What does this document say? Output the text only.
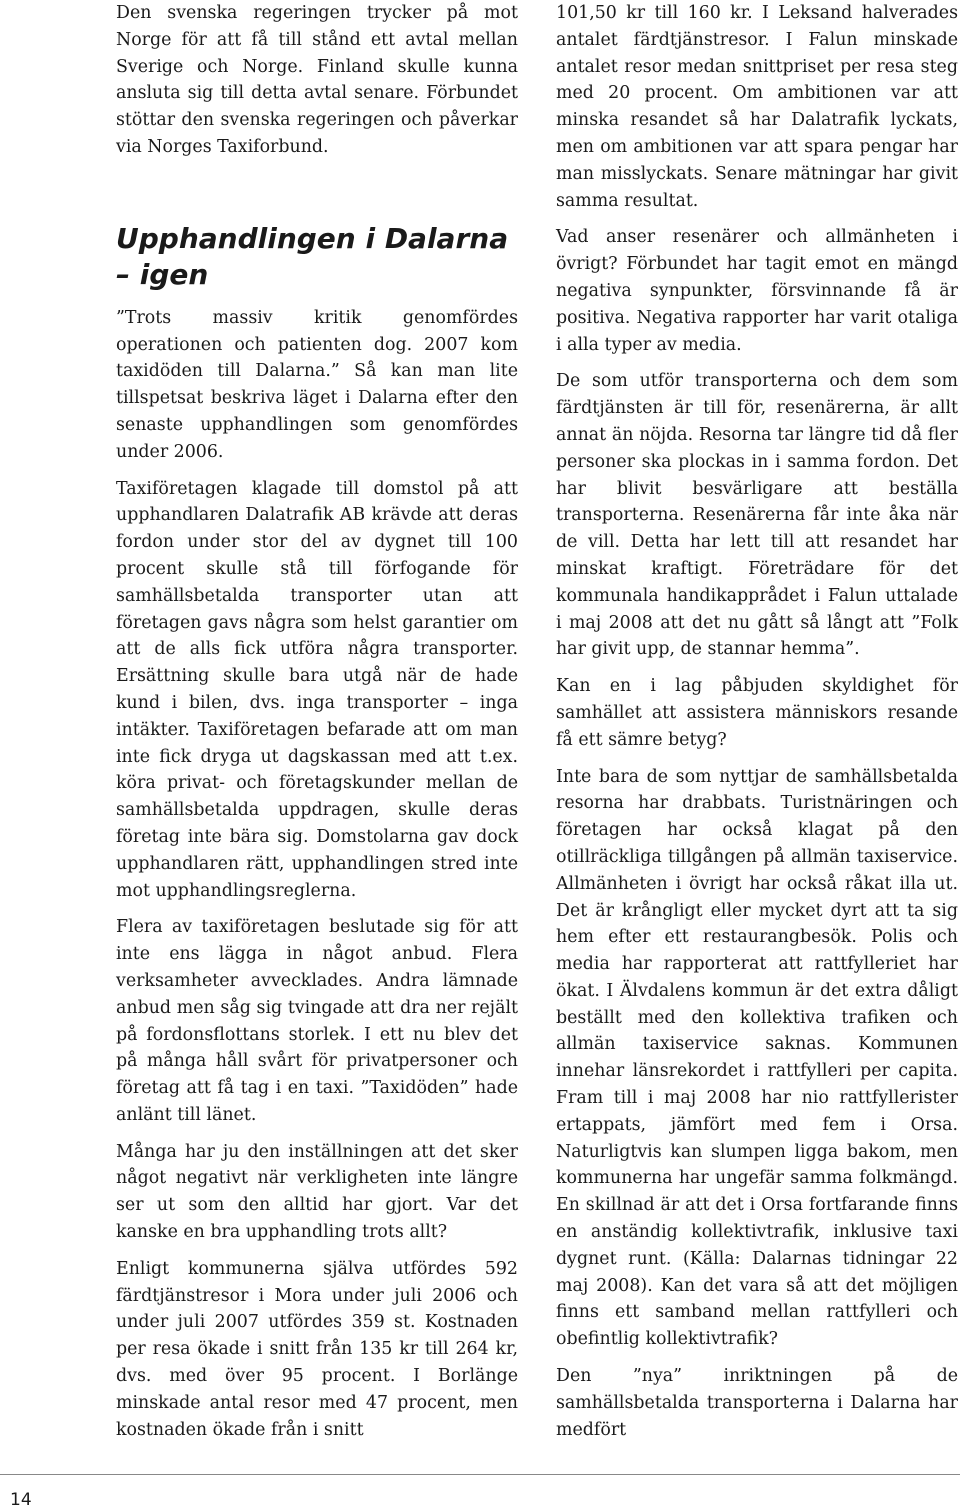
Den svenska regeringen trycker på mot Norge för att få till stånd ett avtal mellan Sverige och Norge. Finland skulle kunna ansluta sig till detta avtal senare. Förbundet stöttar den svenska regeringen och påverkar via Norges Taxiforbund.

Upphandlingen i Dalarna – igen

”Trots massiv kritik genomfördes operationen och patienten dog. 2007 kom taxidöden till Dalarna.” Så kan man lite tillspetsat beskriva läget i Dalarna efter den senaste upphandlingen som genomfördes under 2006.

Taxiföretagen klagade till domstol på att upphandlaren Dalatrafik AB krävde att deras fordon under stor del av dygnet till 100 procent skulle stå till förfogande för samhällsbetalda transporter utan att företagen gavs några som helst garantier om att de alls fick utföra några transporter. Ersättning skulle bara utgå när de hade kund i bilen, dvs. inga transporter – inga intäkter. Taxiföretagen befarade att om man inte fick dryga ut dagskassan med att t.ex. köra privat- och företagskunder mellan de samhällsbetalda uppdragen, skulle deras företag inte bära sig. Domstolarna gav dock upphandlaren rätt, upphandlingen stred inte mot upphandlingsreglerna.

Flera av taxiföretagen beslutade sig för att inte ens lägga in något anbud. Flera verksamheter avvecklades. Andra lämnade anbud men såg sig tvingade att dra ner rejält på fordonsflottans storlek. I ett nu blev det på många håll svårt för privatpersoner och företag att få tag i en taxi. ”Taxidöden” hade anlänt till länet.

Många har ju den inställningen att det sker något negativt när verkligheten inte längre ser ut som den alltid har gjort. Var det kanske en bra upphandling trots allt?

Enligt kommunerna själva utfördes 592 färdtjänstresor i Mora under juli 2006 och under juli 2007 utfördes 359 st. Kostnaden per resa ökade i snitt från 135 kr till 264 kr, dvs. med över 95 procent. I Borlänge minskade antal resor med 47 procent, men kostnaden ökade från i snitt

101,50 kr till 160 kr. I Leksand halverades antalet färdtjänstresor. I Falun minskade antalet resor medan snittpriset per resa steg med 20 procent. Om ambitionen var att minska resandet så har Dalatrafik lyckats, men om ambitionen var att spara pengar har man misslyckats. Senare mätningar har givit samma resultat.

Vad anser resenärer och allmänheten i övrigt? Förbundet har tagit emot en mängd negativa synpunkter, försvinnande få är positiva. Negativa rapporter har varit otaliga i alla typer av media.

De som utför transporterna och dem som färdtjänsten är till för, resenärerna, är allt annat än nöjda. Resorna tar längre tid då fler personer ska plockas in i samma fordon. Det har blivit besvärligare att beställa transporterna. Resenärerna får inte åka när de vill. Detta har lett till att resandet har minskat kraftigt. Företrädare för det kommunala handikapprådet i Falun uttalade i maj 2008 att det nu gått så långt att ”Folk har givit upp, de stannar hemma”.

Kan en i lag påbjuden skyldighet för samhället att assistera människors resande få ett sämre betyg?

Inte bara de som nyttjar de samhällsbetalda resorna har drabbats. Turistnäringen och företagen har också klagat på den otillräckliga tillgången på allmän taxiservice. Allmänheten i övrigt har också råkat illa ut. Det är krångligt eller mycket dyrt att ta sig hem efter ett restaurangbesök. Polis och media har rapporterat att rattfylleriet har ökat. I Älvdalens kommun är det extra dåligt beställt med den kollektiva trafiken och allmän taxiservice saknas. Kommunen innehar länsrekordet i rattfylleri per capita. Fram till i maj 2008 har nio rattfyllerister ertappats, jämfört med fem i Orsa. Naturligtvis kan slumpen ligga bakom, men kommunerna har ungefär samma folkmängd. En skillnad är att det i Orsa fortfarande finns en anständig kollektivtrafik, inklusive taxi dygnet runt. (Källa: Dalarnas tidningar 22 maj 2008). Kan det vara så att det möjligen finns ett samband mellan rattfylleri och obefintlig kollektivtrafik?

Den ”nya” inriktningen på de samhällsbetalda transporterna i Dalarna har medfört

14
